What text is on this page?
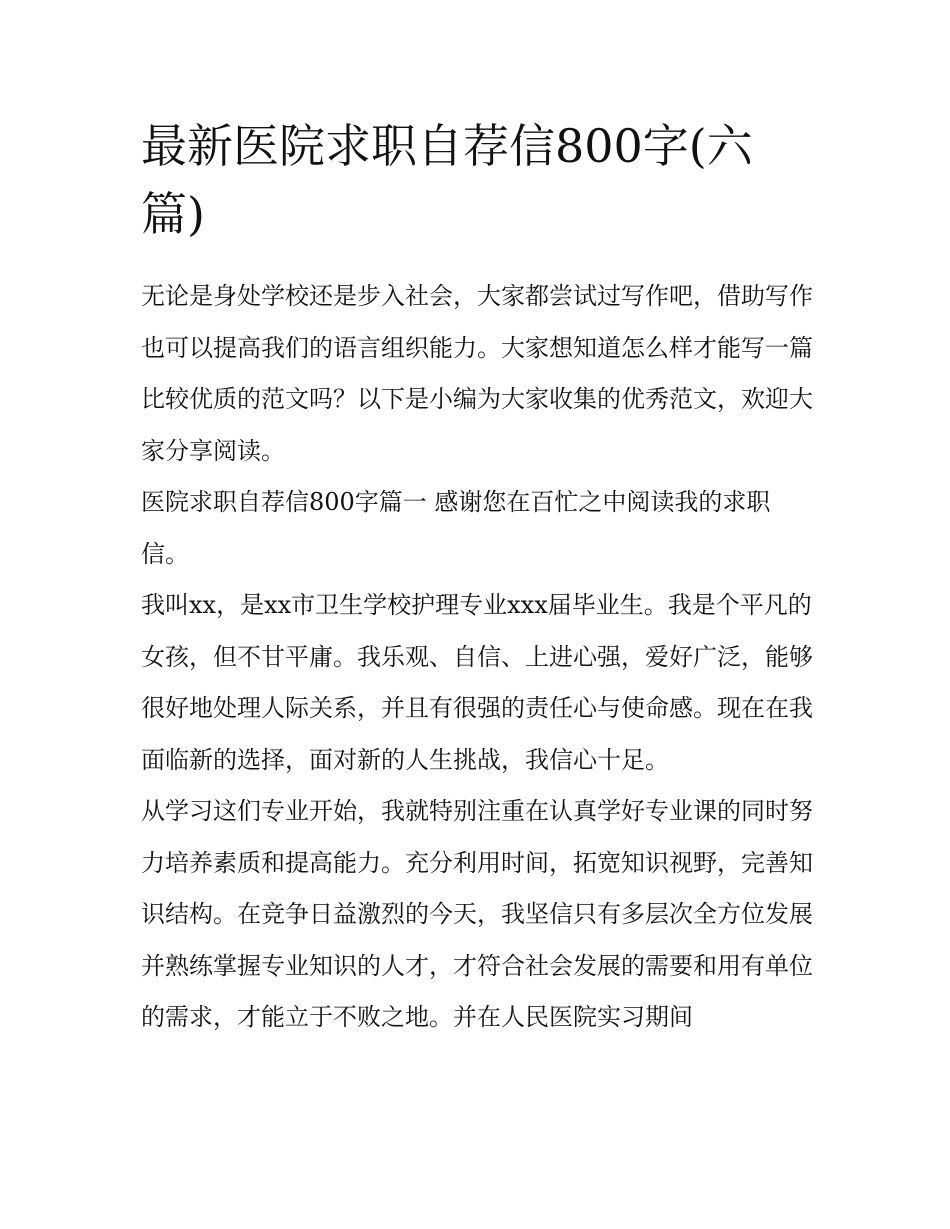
最新医院求职自荐信800字(六篇)

无论是身处学校还是步入社会，大家都尝试过写作吧，借助写作也可以提高我们的语言组织能力。大家想知道怎么样才能写一篇比较优质的范文吗？以下是小编为大家收集的优秀范文，欢迎大家分享阅读。

医院求职自荐信800字篇一 感谢您在百忙之中阅读我的求职信。

我叫xx，是xx市卫生学校护理专业xxx届毕业生。我是个平凡的女孩，但不甘平庸。我乐观、自信、上进心强，爱好广泛，能够很好地处理人际关系，并且有很强的责任心与使命感。现在在我面临新的选择，面对新的人生挑战，我信心十足。

从学习这们专业开始，我就特别注重在认真学好专业课的同时努力培养素质和提高能力。充分利用时间，拓宽知识视野，完善知识结构。在竞争日益激烈的今天，我坚信只有多层次全方位发展并熟练掌握专业知识的人才，才符合社会发展的需要和用有单位的需求，才能立于不败之地。并在人民医院实习期间
